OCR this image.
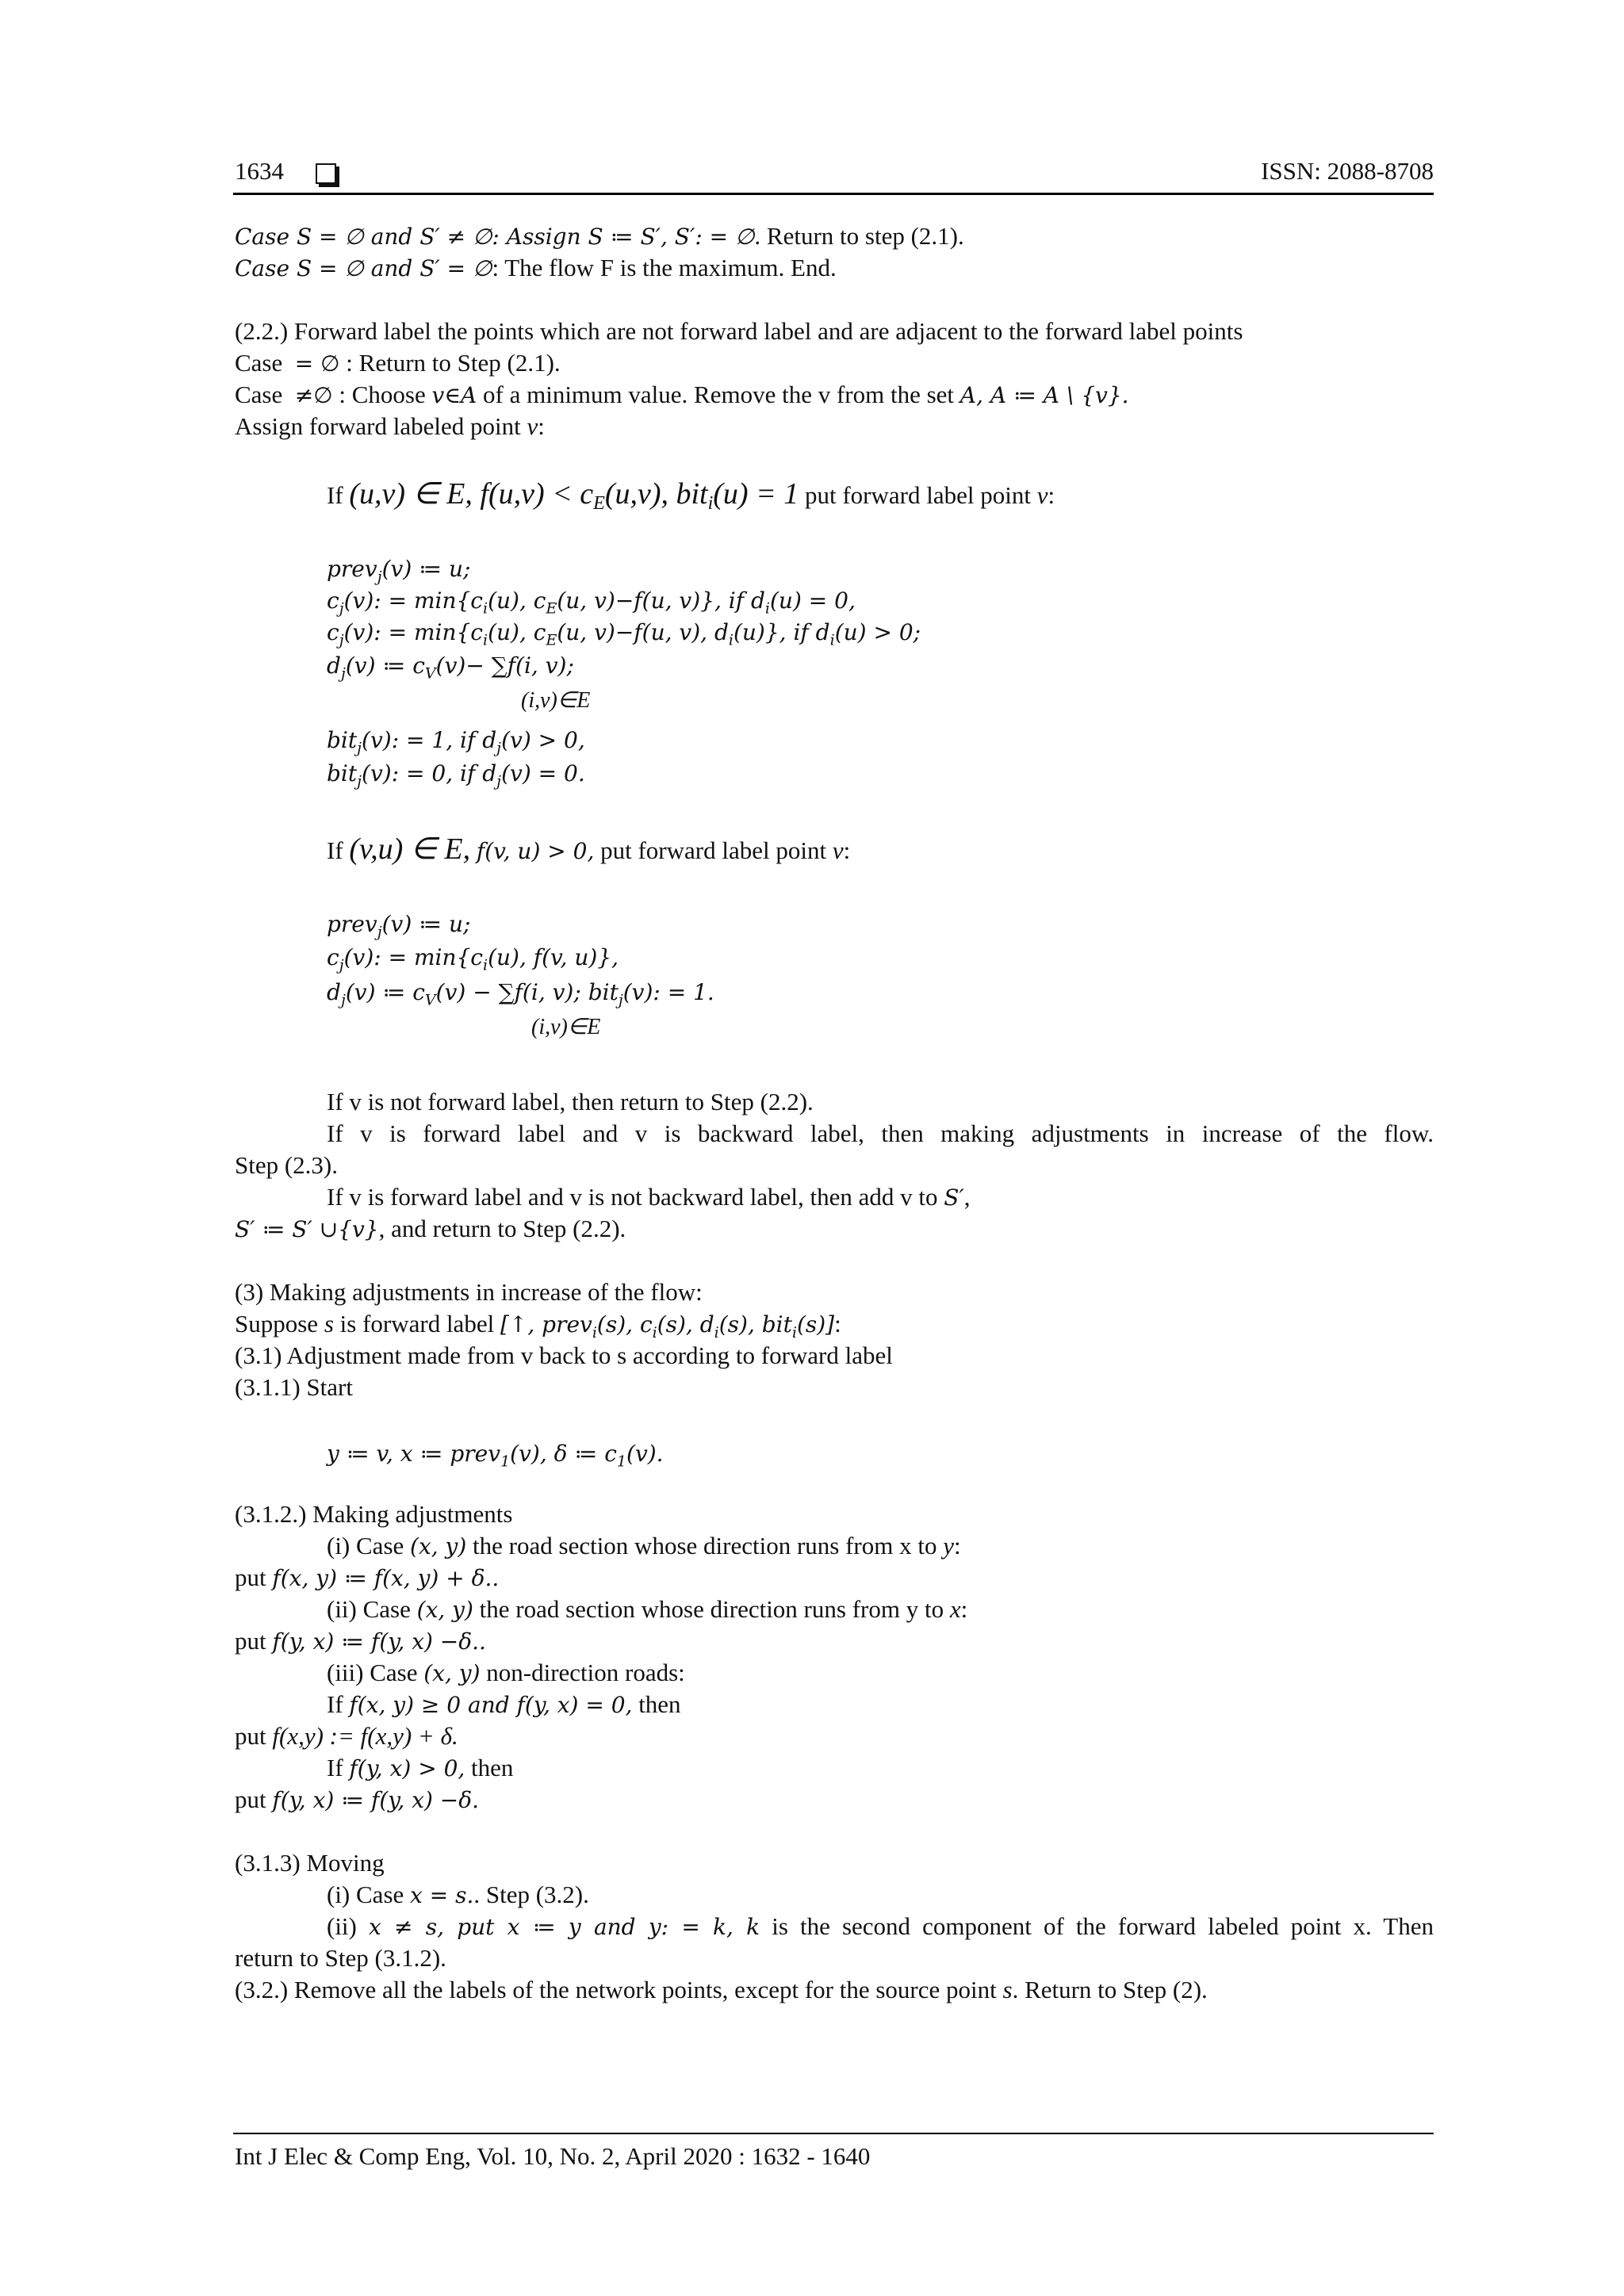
1634	ISSN: 2088-8708
Case S = ∅ and S′ ≠ ∅: Assign S ≔ S′, S′: = ∅. Return to step (2.1).
Case S = ∅ and S′ = ∅: The flow F is the maximum. End.
(2.2.) Forward label the points which are not forward label and are adjacent to the forward label points
Case = ∅ : Return to Step (2.1).
Case ≠∅ : Choose v∈A of a minimum value. Remove the v from the set A, A ≔ A \ {v}.
Assign forward labeled point v:
If (u,v) ∈ E, $f(u,v) < c_E(u,v)$, bit$_i$(u) = 1 put forward label point v:
prev$_j$(v) ≔ u;
$c_j(v)$: = $\min\{c_i(u)$, $c_E(u$, v)−f(u, v)}, if $d_i(u) = 0$,
$c_j(v)$: = $\min\{c_i(u)$, $c_E(u$, v)−f(u, v), $d_i(u)$}, if $d_i(u) > 0$;
$d_j(v)$ ≔ $c_V(v)- \sum f(i$, v);
(i,v)∈E
bit$_j$(v): = 1, if $d_j(v) > 0$,
bit$_j$(v): = 0, if $d_j(v) = 0$.
If (v,u) ∈ E, f(v, u) > 0, put forward label point v:
prev$_j$(v) ≔ u;
$c_j(v)$: = $\min\{c_i(u)$, f(v, u)},
$d_j(v)$ ≔ $c_V(v) - \sum f(i$, v); bit$_j$(v): = 1.
(i,v)∈E
If v is not forward label, then return to Step (2.2).
If v is forward label and v is backward label, then making adjustments in increase of the flow.
Step (2.3).
If v is forward label and v is not backward label, then add v to S′,
S′ ≔ S′ ∪{v}, and return to Step (2.2).
(3) Making adjustments in increase of the flow:
Suppose s is forward label [↑, prev$_i$(s), $c_i(s)$, $d_i(s)$, bit$_i$(s)]:
(3.1) Adjustment made from v back to s according to forward label
(3.1.1) Start
y ≔ v, x ≔ prev$_1$(v), δ ≔ $c_1(v)$.
(3.1.2.) Making adjustments
(i) Case (x, y) the road section whose direction runs from x to y:
put f(x, y) ≔ f(x, y) + δ..
(ii) Case (x, y) the road section whose direction runs from y to x:
put f(y, x) ≔ f(y, x) −δ..
(iii) Case (x, y) non-direction roads:
If f(x, y) ≥ 0 and f(y, x) = 0, then
put f(x,y) := f(x,y) + δ.
If f(y, x) > 0, then
put f(y, x) ≔ f(y, x) −δ.
(3.1.3) Moving
(i) Case x = s.. Step (3.2).
(ii) x ≠ s, put x ≔ y and y: = k, k is the second component of the forward labeled point x. Then
return to Step (3.1.2).
(3.2.) Remove all the labels of the network points, except for the source point s. Return to Step (2).
Int J Elec & Comp Eng, Vol. 10, No. 2, April 2020 : 1632 - 1640
